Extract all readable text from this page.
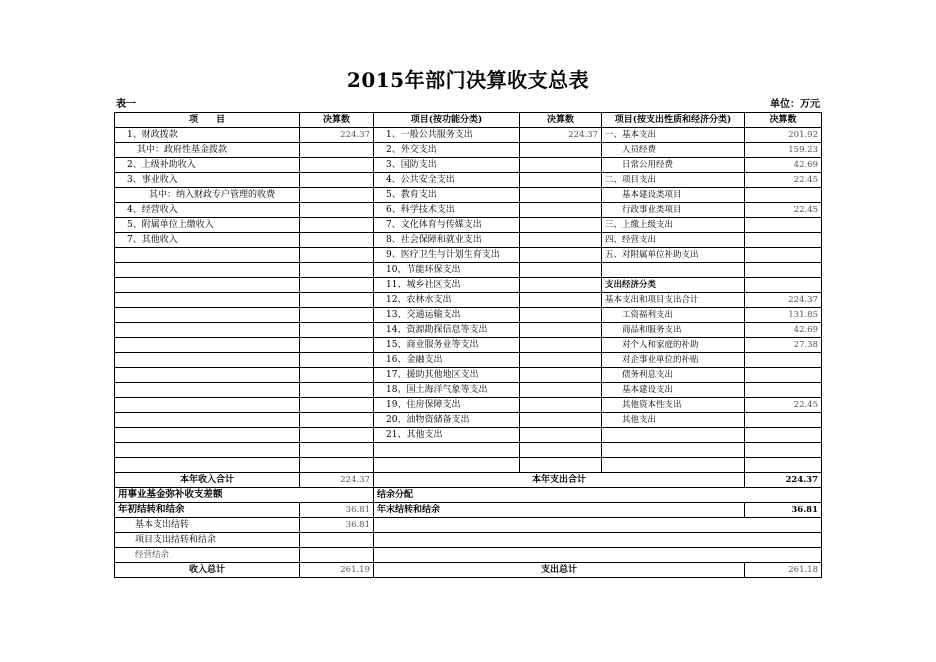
2015年部门决算收支总表
表一	单位：万元
项　　目	决算数	项目(按功能分类)	决算数	项目(按支出性质和经济分类)	决算数
1、财政拨款	224.37	1、一般公共服务支出	224.37	一、基本支出	201.92
其中：政府性基金拨款		2、外交支出		人员经费	159.23
2、上级补助收入		3、国防支出		日常公用经费	42.69
3、事业收入		4、公共安全支出		二、项目支出	22.45
其中：纳入财政专户管理的收费		5、教育支出		基本建设类项目	
4、经营收入		6、科学技术支出		行政事业类项目	22.45
5、附属单位上缴收入		7、文化体育与传媒支出		三、上缴上级支出	
7、其他收入		8、社会保障和就业支出		四、经营支出	
		9、医疗卫生与计划生育支出		五、对附属单位补助支出	
		10、节能环保支出			
		11、城乡社区支出		支出经济分类	
		12、农林水支出		基本支出和项目支出合计	224.37
		13、交通运输支出		工资福利支出	131.85
		14、资源勘探信息等支出		商品和服务支出	42.69
		15、商业服务业等支出		对个人和家庭的补助	27.38
		16、金融支出		对企事业单位的补贴	
		17、援助其他地区支出		债务利息支出	
		18、国土海洋气象等支出		基本建设支出	
		19、住房保障支出		其他资本性支出	22.45
		20、油物资储备支出		其他支出	
		21、其他支出			

本年收入合计	224.37	本年支出合计			224.37
用事业基金弥补收支差额		结余分配			
年初结转和结余	36.81	年末结转和结余			36.81
基本支出结转	36.81				
项目支出结转和结余					
经营结余					
收入总计	261.19	支出总计			261.18
